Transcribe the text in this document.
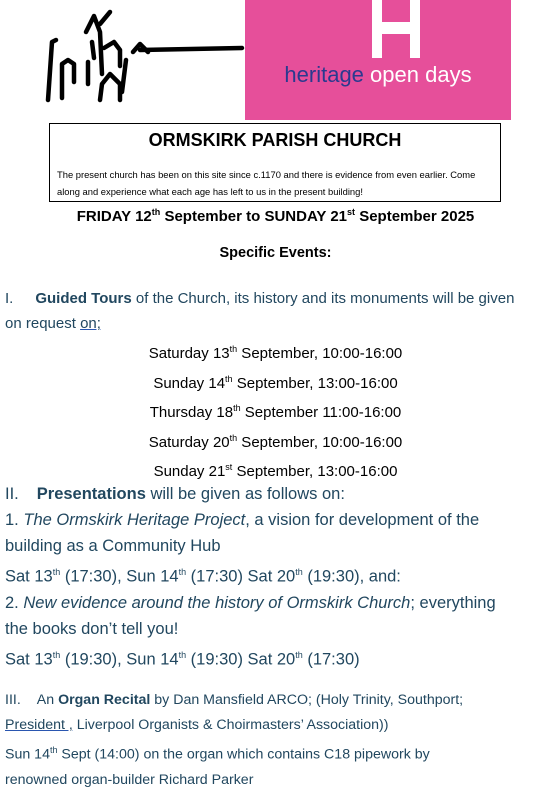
heritage open days
ORMSKIRK PARISH CHURCH
The present church has been on this site since c.1170 and there is evidence from even earlier. Come along and experience what each age has left to us in the present building!
FRIDAY 12th September to SUNDAY 21st September 2025
Specific Events:
I. Guided Tours of the Church, its history and its monuments will be given
on request on;
Saturday 13th September, 10:00-16:00
Sunday 14th September, 13:00-16:00
Thursday 18th September 11:00-16:00
Saturday 20th September, 10:00-16:00
Sunday 21st September, 13:00-16:00
II. Presentations will be given as follows on:
1. The Ormskirk Heritage Project, a vision for development of the
building as a Community Hub
Sat 13th (17:30), Sun 14th (17:30) Sat 20th (19:30), and:
2. New evidence around the history of Ormskirk Church; everything
the books don’t tell you!
Sat 13th (19:30), Sun 14th (19:30) Sat 20th (17:30)
III. An Organ Recital by Dan Mansfield ARCO; (Holy Trinity, Southport;
President , Liverpool Organists & Choirmasters’ Association))
Sun 14th Sept (14:00) on the organ which contains C18 pipework by
renowned organ-builder Richard Parker
